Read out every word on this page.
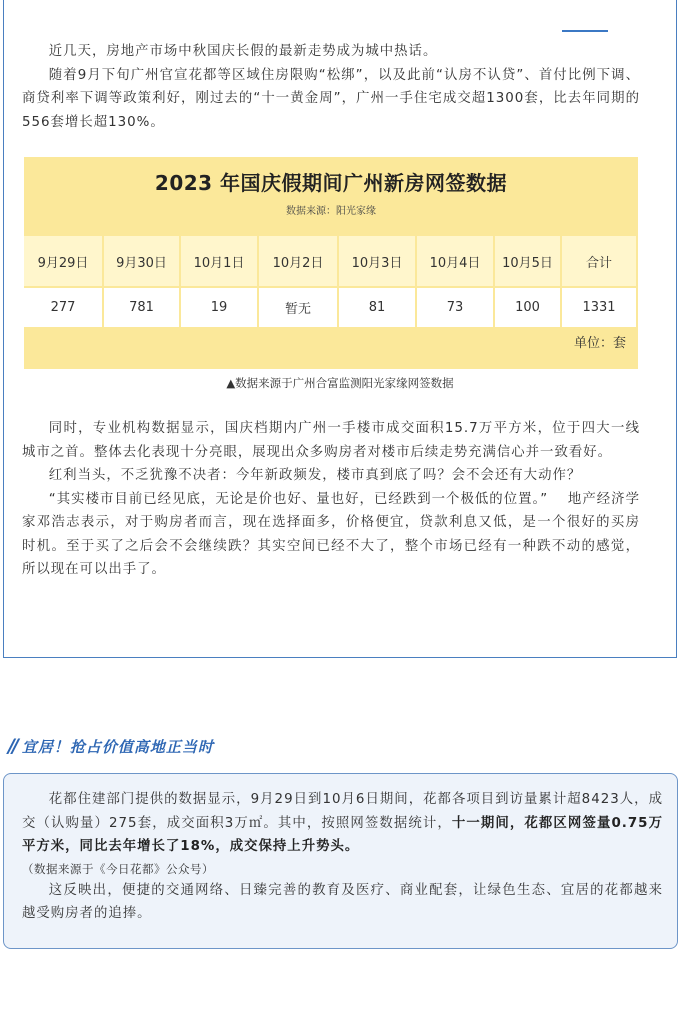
近几天，房地产市场中秋国庆长假的最新走势成为城中热话。

随着9月下旬广州官宣花都等区域住房限购“松绑”，以及此前“认房不认贷”、首付比例下调、商贷利率下调等政策利好，刚过去的“十一黄金周”，广州一手住宅成交超1300套，比去年同期的556套增长超130%。

2023 年国庆假期间广州新房网签数据
数据来源：阳光家缘
9月29日	9月30日	10月1日	10月2日	10月3日	10月4日	10月5日	合计
277	781	19	暂无	81	73	100	1331
单位：套
▲数据来源于广州合富监测阳光家缘网签数据

同时，专业机构数据显示，国庆档期内广州一手楼市成交面积15.7万平方米，位于四大一线城市之首。整体去化表现十分亮眼，展现出众多购房者对楼市后续走势充满信心并一致看好。

红利当头，不乏犹豫不决者：今年新政频发，楼市真到底了吗？会不会还有大动作？

“其实楼市目前已经见底，无论是价也好、量也好，已经跌到一个极低的位置。”　 地产经济学家邓浩志表示，对于购房者而言，现在选择面多，价格便宜，贷款利息又低，是一个很好的买房时机。至于买了之后会不会继续跌？其实空间已经不大了，整个市场已经有一种跌不动的感觉，所以现在可以出手了。

// 宜居！抢占价值高地正当时

花都住建部门提供的数据显示，9月29日到10月6日期间，花都各项目到访量累计超8423人，成交（认购量）275套，成交面积3万㎡。其中，按照网签数据统计，十一期间，花都区网签量0.75万平方米，同比去年增长了18%，成交保持上升势头。

（数据来源于《今日花都》公众号）

这反映出，便捷的交通网络、日臻完善的教育及医疗、商业配套，让绿色生态、宜居的花都越来越受购房者的追捧。
